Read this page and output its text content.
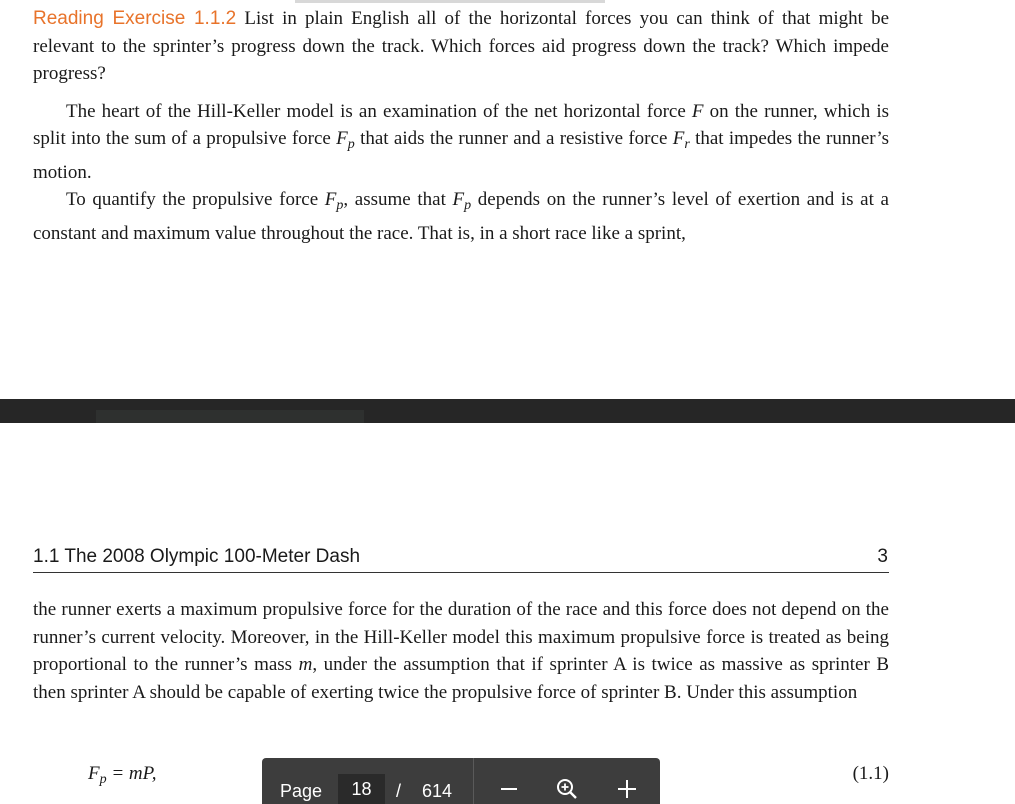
Reading Exercise 1.1.2 List in plain English all of the horizontal forces you can think of that might be relevant to the sprinter’s progress down the track. Which forces aid progress down the track? Which impede progress?

The heart of the Hill-Keller model is an examination of the net horizontal force F on the runner, which is split into the sum of a propulsive force $F_p$ that aids the runner and a resistive force $F_r$ that impedes the runner’s motion.

To quantify the propulsive force $F_p$, assume that $F_p$ depends on the runner’s level of exertion and is at a constant and maximum value throughout the race. That is, in a short race like a sprint,

1.1 The 2008 Olympic 100-Meter Dash	3

the runner exerts a maximum propulsive force for the duration of the race and this force does not depend on the runner’s current velocity. Moreover, in the Hill-Keller model this maximum propulsive force is treated as being proportional to the runner’s mass m, under the assumption that if sprinter A is twice as massive as sprinter B then sprinter A should be capable of exerting twice the propulsive force of sprinter B. Under this assumption

$F_p$ = mP,	(1.1)
Page	18	/ 614
